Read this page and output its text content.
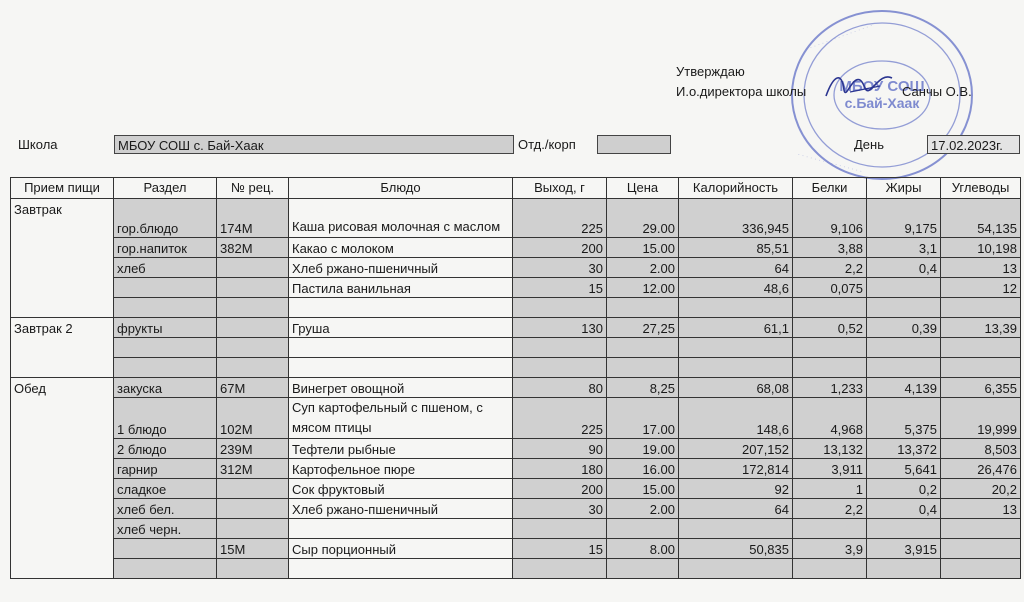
· · · · · · · · · · · · · · · · ·
· · · · · · · · · · · · · · · ·
МБОУ СОШ
с.Бай-Хаак
Утверждаю
И.о.директора школы	Санчы О.В.
Школа	МБОУ СОШ с. Бай-Хаак	Отд./корп	День	17.02.2023г.
Прием пищи	Раздел	№ рец.	Блюдо	Выход, г	Цена	Калорийность	Белки	Жиры	Углеводы
Завтрак	гор.блюдо	174М	Каша рисовая молочная с маслом	225	29.00	336,945	9,106	9,175	54,135
	гор.напиток	382М	Какао с молоком	200	15.00	85,51	3,88	3,1	10,198
	хлеб		Хлеб ржано-пшеничный	30	2.00	64	2,2	0,4	13
			Пастила ванильная	15	12.00	48,6	0,075		12

Завтрак 2	фрукты		Груша	130	27,25	61,1	0,52	0,39	13,39

Обед	закуска	67М	Винегрет овощной	80	8,25	68,08	1,233	4,139	6,355
	1 блюдо	102М	Суп картофельный с пшеном, с мясом птицы	225	17.00	148,6	4,968	5,375	19,999
	2 блюдо	239М	Тефтели рыбные	90	19.00	207,152	13,132	13,372	8,503
	гарнир	312М	Картофельное пюре	180	16.00	172,814	3,911	5,641	26,476
	сладкое		Сок фруктовый	200	15.00	92	1	0,2	20,2
	хлеб бел.		Хлеб ржано-пшеничный	30	2.00	64	2,2	0,4	13
	хлеб черн.								
		15М	Сыр порционный	15	8.00	50,835	3,9	3,915	
